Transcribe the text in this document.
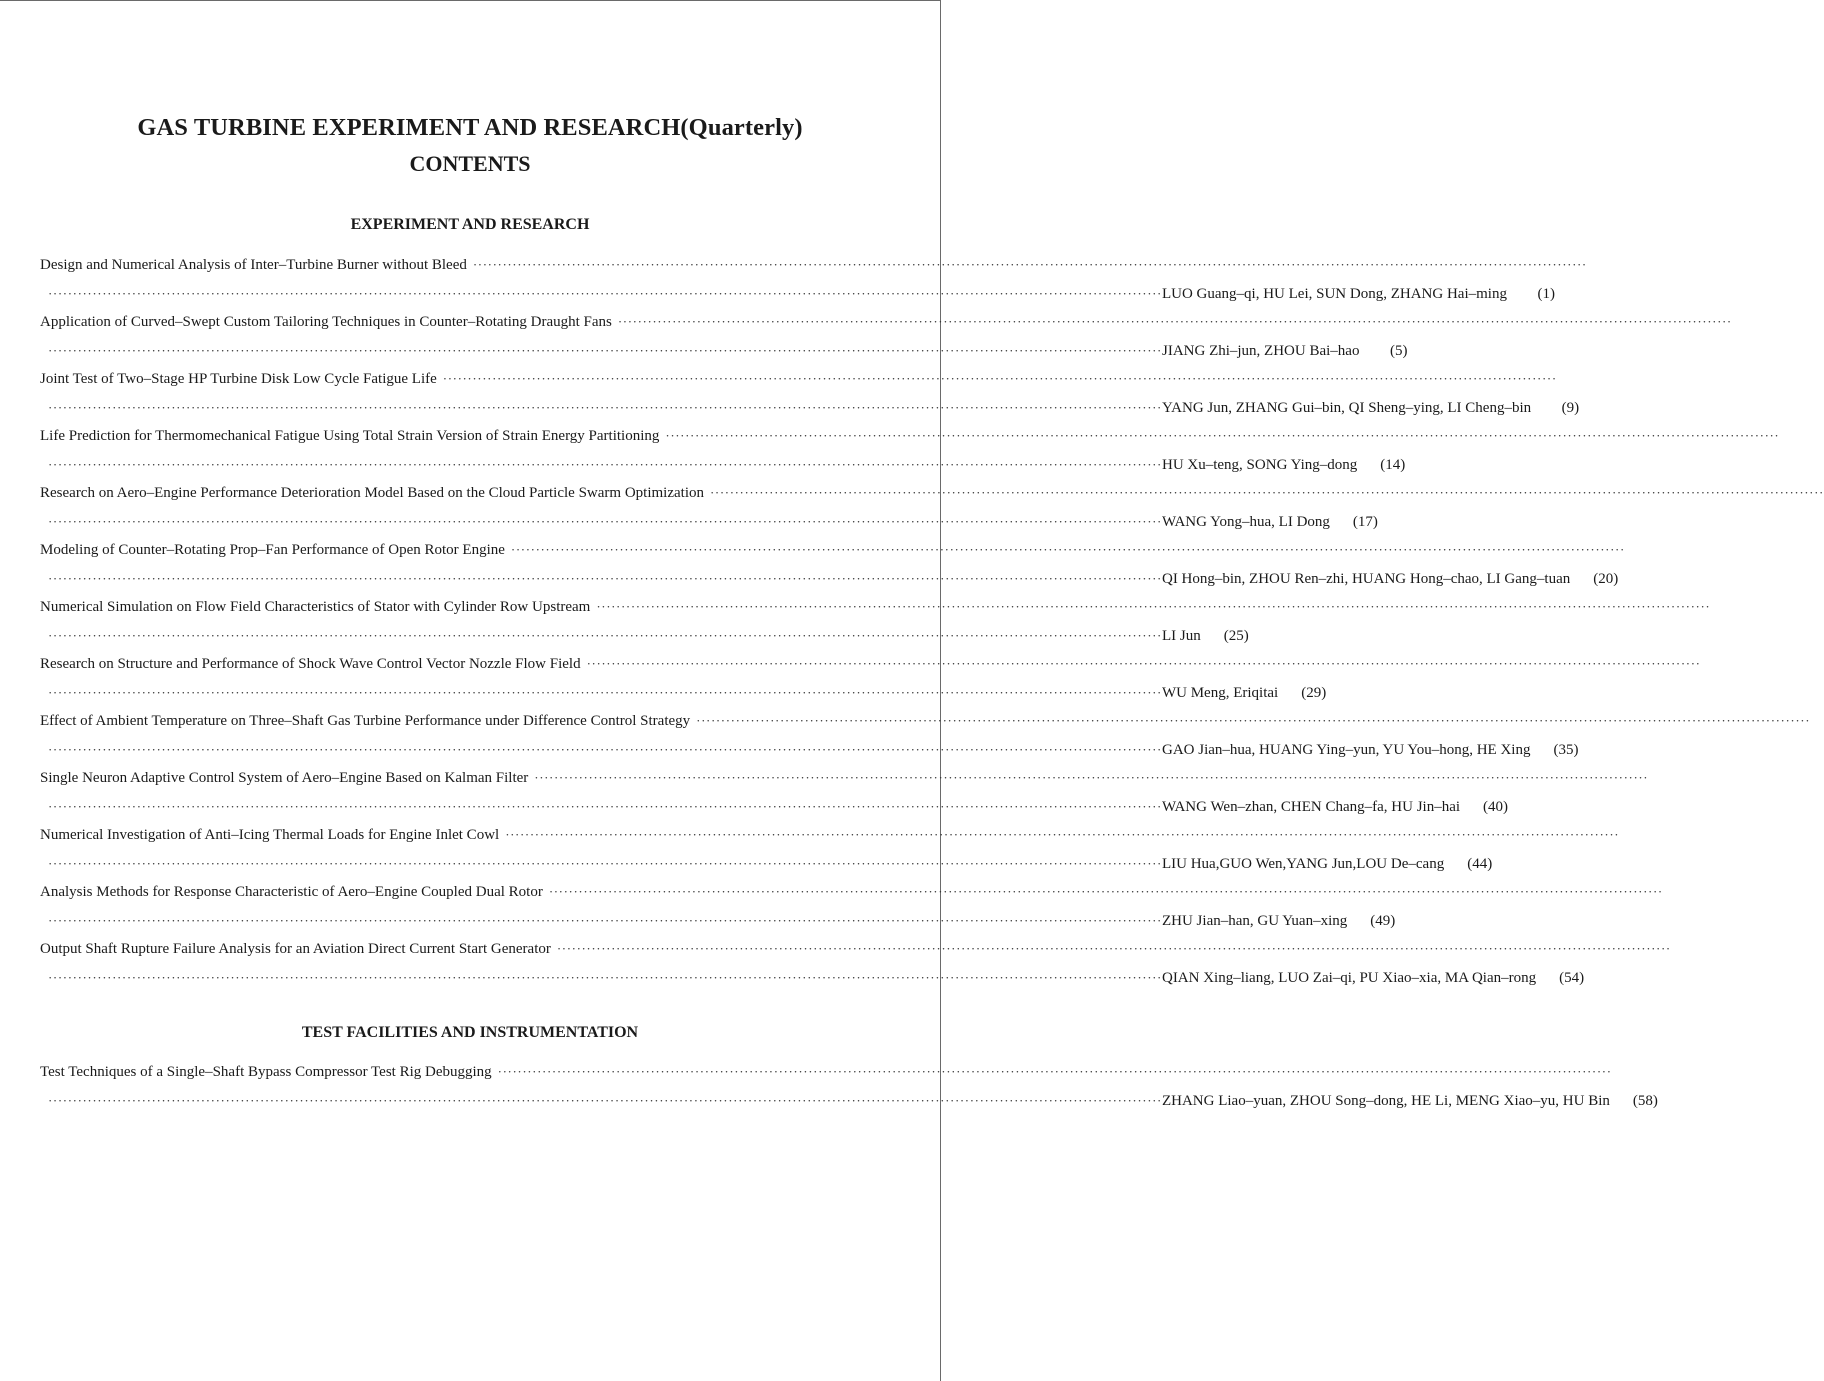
GAS TURBINE EXPERIMENT AND RESEARCH(Quarterly)
CONTENTS
EXPERIMENT AND RESEARCH
Design and Numerical Analysis of Inter–Turbine Burner without Bleed
·····
·····
LUO Guang–qi, HU Lei, SUN Dong, ZHANG Hai–ming	(1)
Application of Curved–Swept Custom Tailoring Techniques in Counter–Rotating Draught Fans
·····
·····
JIANG Zhi–jun, ZHOU Bai–hao	(5)
Joint Test of Two–Stage HP Turbine Disk Low Cycle Fatigue Life
·····
·····
YANG Jun, ZHANG Gui–bin, QI Sheng–ying, LI Cheng–bin	(9)
Life Prediction for Thermomechanical Fatigue Using Total Strain Version of Strain Energy Partitioning
·····
·····
HU Xu–teng, SONG Ying–dong	(14)
Research on Aero–Engine Performance Deterioration Model Based on the Cloud Particle Swarm Optimization
·····
·····
WANG Yong–hua, LI Dong	(17)
Modeling of Counter–Rotating Prop–Fan Performance of Open Rotor Engine
·····
·····
QI Hong–bin, ZHOU Ren–zhi, HUANG Hong–chao, LI Gang–tuan	(20)
Numerical Simulation on Flow Field Characteristics of Stator with Cylinder Row Upstream
·····
·····
LI Jun	(25)
Research on Structure and Performance of Shock Wave Control Vector Nozzle Flow Field
·····
·····
WU Meng, Eriqitai	(29)
Effect of Ambient Temperature on Three–Shaft Gas Turbine Performance under Difference Control Strategy
·····
·····
GAO Jian–hua, HUANG Ying–yun, YU You–hong, HE Xing	(35)
Single Neuron Adaptive Control System of Aero–Engine Based on Kalman Filter
·····
·····
WANG Wen–zhan, CHEN Chang–fa, HU Jin–hai	(40)
Numerical Investigation of Anti–Icing Thermal Loads for Engine Inlet Cowl
·····
·····
LIU Hua,GUO Wen,YANG Jun,LOU De–cang	(44)
Analysis Methods for Response Characteristic of Aero–Engine Coupled Dual Rotor
·····
·····
ZHU Jian–han, GU Yuan–xing	(49)
Output Shaft Rupture Failure Analysis for an Aviation Direct Current Start Generator
·····
·····
QIAN Xing–liang, LUO Zai–qi, PU Xiao–xia, MA Qian–rong	(54)
TEST FACILITIES AND INSTRUMENTATION
Test Techniques of a Single–Shaft Bypass Compressor Test Rig Debugging
·····
·····
ZHANG Liao–yuan, ZHOU Song–dong, HE Li, MENG Xiao–yu, HU Bin	(58)
